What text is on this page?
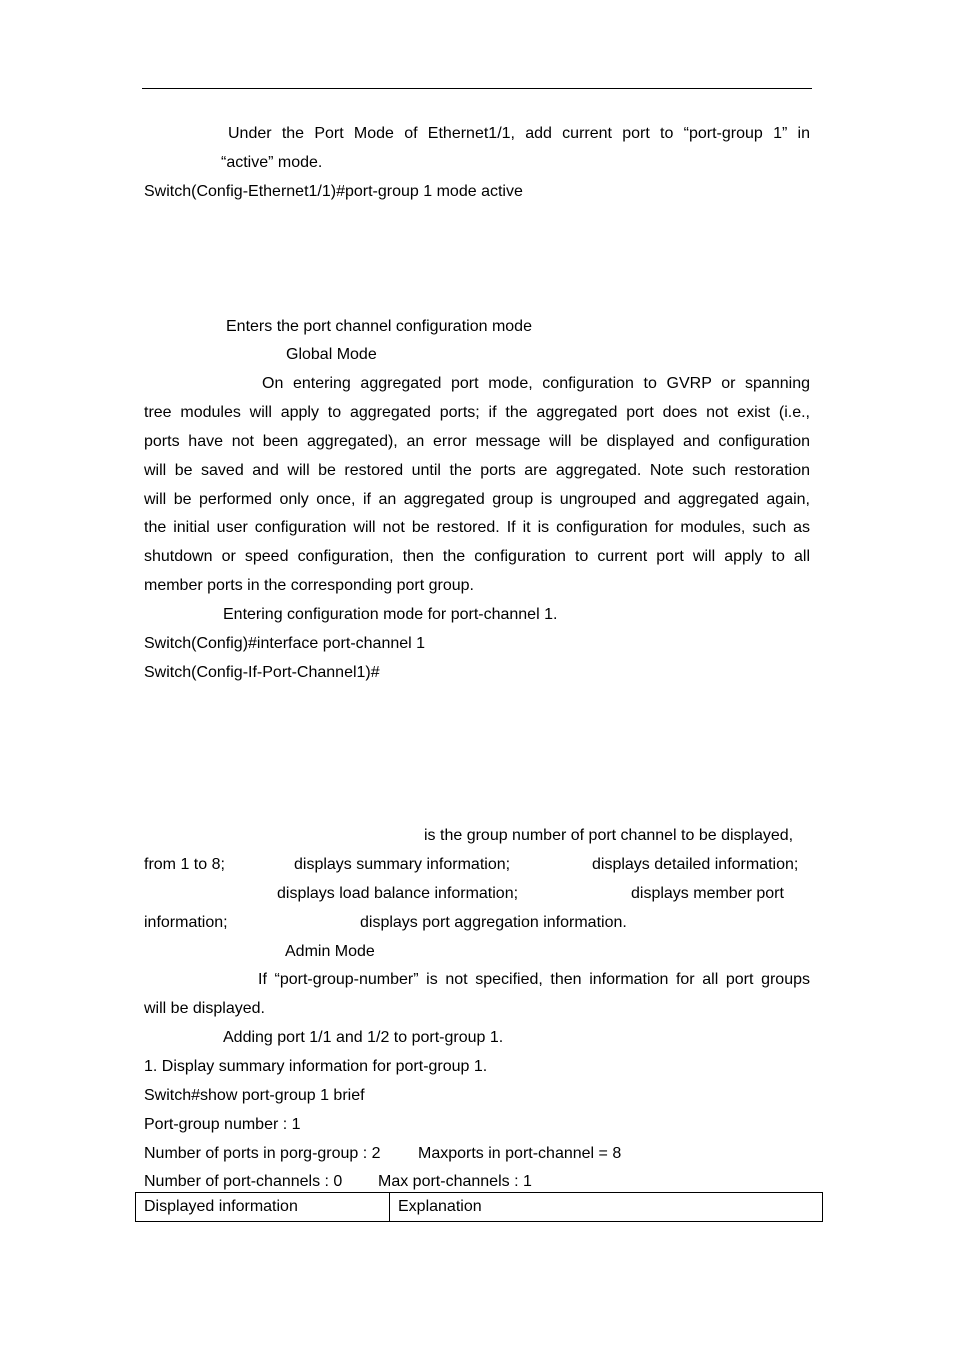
Under the Port Mode of Ethernet1/1, add current port to “port-group 1” in
“active” mode.
Switch(Config-Ethernet1/1)#port-group 1 mode active
Enters the port channel configuration mode
Global Mode
On entering aggregated port mode, configuration to GVRP or spanning
tree modules will apply to aggregated ports; if the aggregated port does not exist (i.e.,
ports have not been aggregated), an error message will be displayed and configuration
will be saved and will be restored until the ports are aggregated. Note such restoration
will be performed only once, if an aggregated group is ungrouped and aggregated again,
the initial user configuration will not be restored. If it is configuration for modules, such as
shutdown or speed configuration, then the configuration to current port will apply to all
member ports in the corresponding port group.
Entering configuration mode for port-channel 1.
Switch(Config)#interface port-channel 1
Switch(Config-If-Port-Channel1)#
is the group number of port channel to be displayed,
from 1 to 8;	displays summary information;	displays detailed information;
displays load balance information;	displays member port
information;	displays port aggregation information.
Admin Mode
If “port-group-number” is not specified, then information for all port groups
will be displayed.
Adding port 1/1 and 1/2 to port-group 1.
1. Display summary information for port-group 1.
Switch#show port-group 1 brief
Port-group number : 1
Number of ports in porg-group : 2 Maxports in port-channel = 8
Number of port-channels : 0 Max port-channels : 1
Displayed information	Explanation
